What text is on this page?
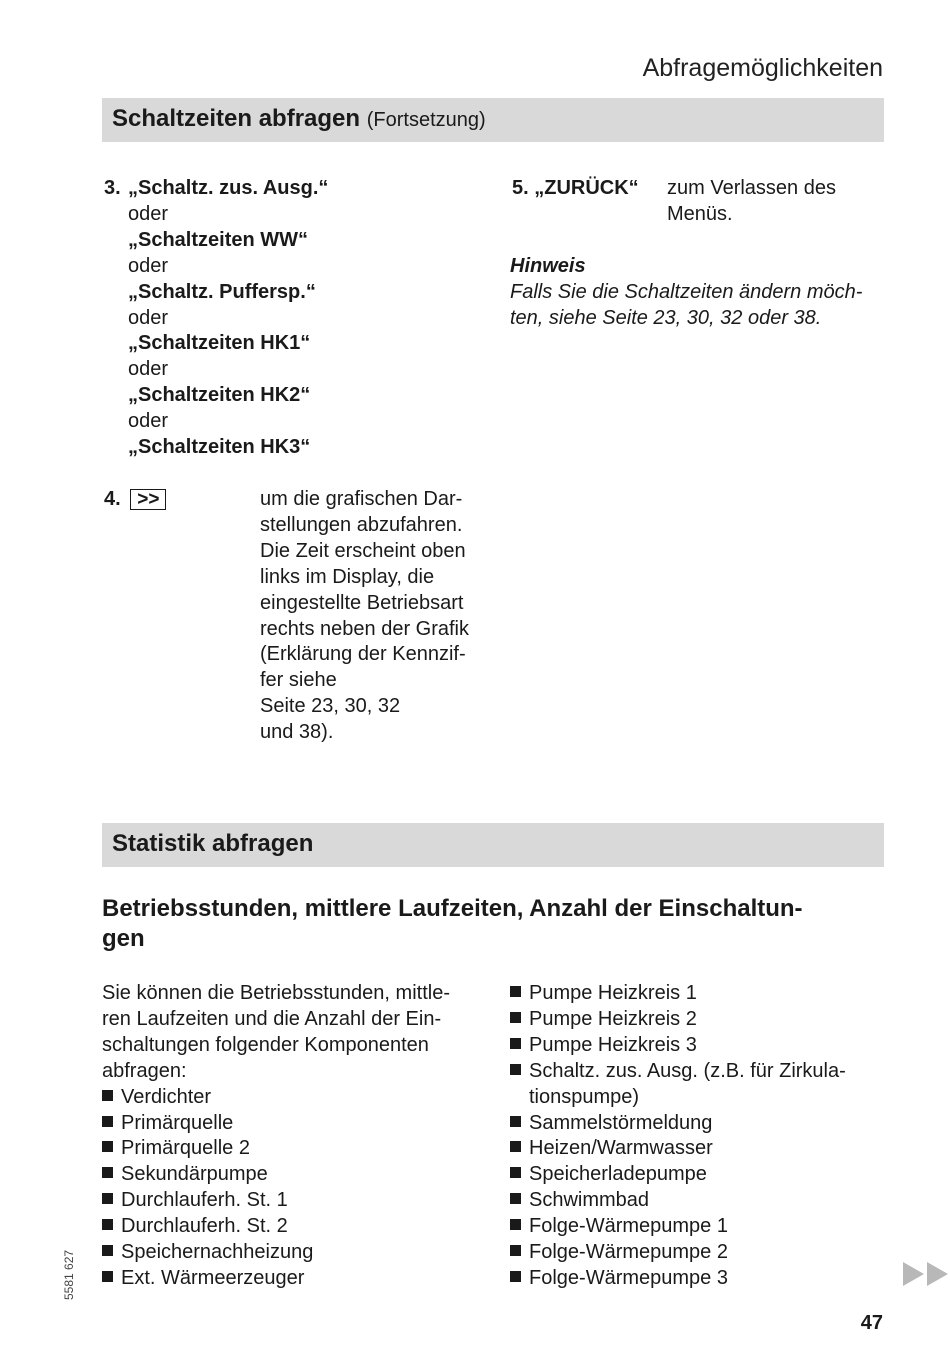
Abfragemöglichkeiten
Schaltzeiten abfragen (Fortsetzung)
3. „Schaltz. zus. Ausg.“
oder
„Schaltzeiten WW“
oder
„Schaltz. Puffersp.“
oder
„Schaltzeiten HK1“
oder
„Schaltzeiten HK2“
oder
„Schaltzeiten HK3“
4. >>	um die grafischen Dar-
stellungen abzufahren.
Die Zeit erscheint oben
links im Display, die
eingestellte Betriebsart
rechts neben der Grafik
(Erklärung der Kennzif-
fer siehe
Seite 23, 30, 32
und 38).
5. „ZURÜCK“ zum Verlassen des
Menüs.
Hinweis
Falls Sie die Schaltzeiten ändern möch-
ten, siehe Seite 23, 30, 32 oder 38.
Statistik abfragen
Betriebsstunden, mittlere Laufzeiten, Anzahl der Einschaltun-
gen
Sie können die Betriebsstunden, mittle-
ren Laufzeiten und die Anzahl der Ein-
schaltungen folgender Komponenten
abfragen:
Verdichter
Primärquelle
Primärquelle 2
Sekundärpumpe
Durchlauferh. St. 1
Durchlauferh. St. 2
Speichernachheizung
Ext. Wärmeerzeuger
Pumpe Heizkreis 1
Pumpe Heizkreis 2
Pumpe Heizkreis 3
Schaltz. zus. Ausg. (z.B. für Zirkula-
tionspumpe)
Sammelstörmeldung
Heizen/Warmwasser
Speicherladepumpe
Schwimmbad
Folge-Wärmepumpe 1
Folge-Wärmepumpe 2
Folge-Wärmepumpe 3
5581 627
47
